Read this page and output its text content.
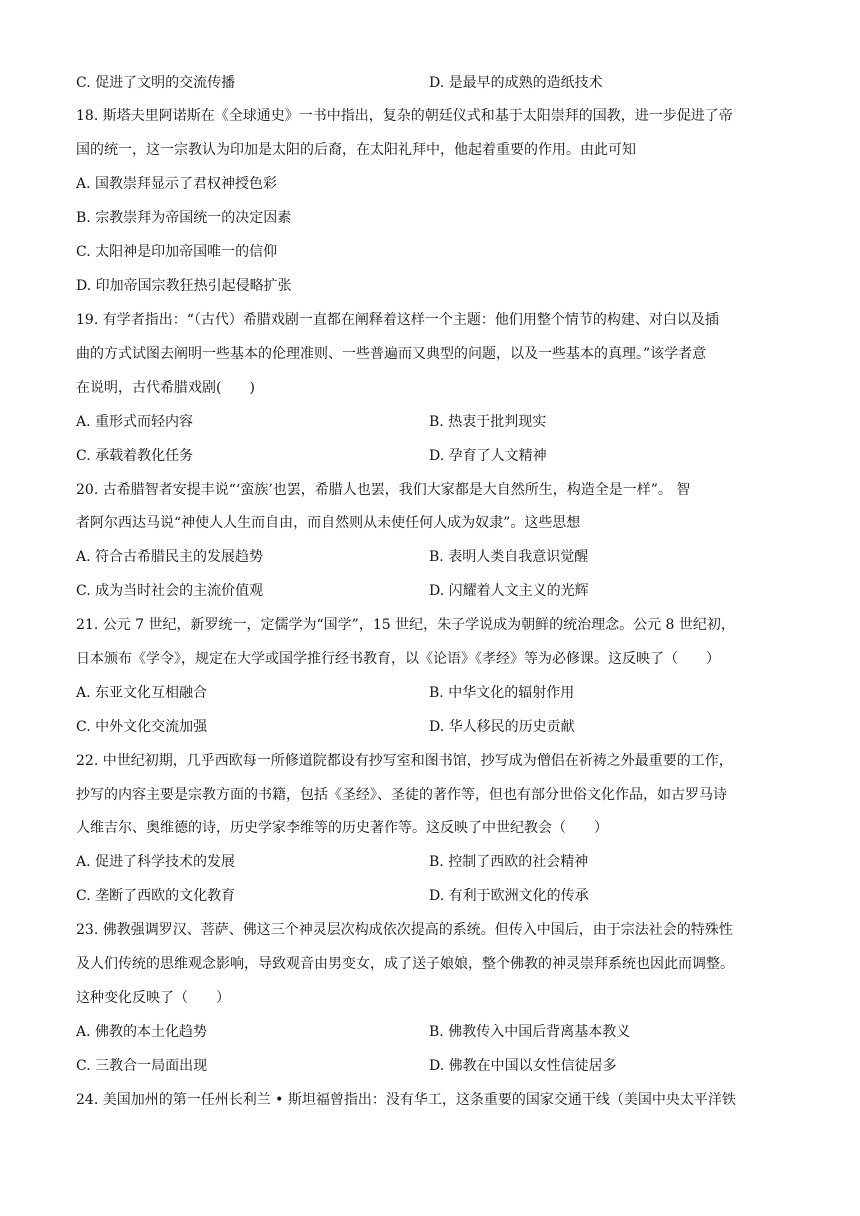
C. 促进了文明的交流传播	D. 是最早的成熟的造纸技术
18. 斯塔夫里阿诺斯在《全球通史》一书中指出，复杂的朝廷仪式和基于太阳崇拜的国教，进一步促进了帝
国的统一，这一宗教认为印加是太阳的后裔，在太阳礼拜中，他起着重要的作用。由此可知
A. 国教崇拜显示了君权神授色彩
B. 宗教崇拜为帝国统一的决定因素
C. 太阳神是印加帝国唯一的信仰
D. 印加帝国宗教狂热引起侵略扩张
19. 有学者指出：“（古代）希腊戏剧一直都在阐释着这样一个主题：他们用整个情节的构建、对白以及插
曲的方式试图去阐明一些基本的伦理准则、一些普遍而又典型的问题，以及一些基本的真理。”该学者意
在说明，古代希腊戏剧(　　)
A. 重形式而轻内容	B. 热衷于批判现实
C. 承载着教化任务	D. 孕育了人文精神
20. 古希腊智者安提丰说“‘蛮族’也罢，希腊人也罢，我们大家都是大自然所生，构造全是一样”。 智
者阿尔西达马说“神使人人生而自由，而自然则从未使任何人成为奴隶”。这些思想
A. 符合古希腊民主的发展趋势	B. 表明人类自我意识觉醒
C. 成为当时社会的主流价值观	D. 闪耀着人文主义的光辉
21. 公元 7 世纪，新罗统一，定儒学为“国学”，15 世纪，朱子学说成为朝鲜的统治理念。公元 8 世纪初，
日本颁布《学令》，规定在大学或国学推行经书教育，以《论语》《孝经》等为必修课。这反映了（　　）
A. 东亚文化互相融合	B. 中华文化的辐射作用
C. 中外文化交流加强	D. 华人移民的历史贡献
22. 中世纪初期，几乎西欧每一所修道院都设有抄写室和图书馆，抄写成为僧侣在祈祷之外最重要的工作，
抄写的内容主要是宗教方面的书籍，包括《圣经》、圣徒的著作等，但也有部分世俗文化作品，如古罗马诗
人维吉尔、奥维德的诗，历史学家李维等的历史著作等。这反映了中世纪教会（　　）
A. 促进了科学技术的发展	B. 控制了西欧的社会精神
C. 垄断了西欧的文化教育	D. 有利于欧洲文化的传承
23. 佛教强调罗汉、菩萨、佛这三个神灵层次构成依次提高的系统。但传入中国后，由于宗法社会的特殊性
及人们传统的思维观念影响，导致观音由男变女，成了送子娘娘，整个佛教的神灵崇拜系统也因此而调整。
这种变化反映了（　　）
A. 佛教的本土化趋势	B. 佛教传入中国后背离基本教义
C. 三教合一局面出现	D. 佛教在中国以女性信徒居多
24. 美国加州的第一任州长利兰 • 斯坦福曾指出：没有华工，这条重要的国家交通干线（美国中央太平洋铁
